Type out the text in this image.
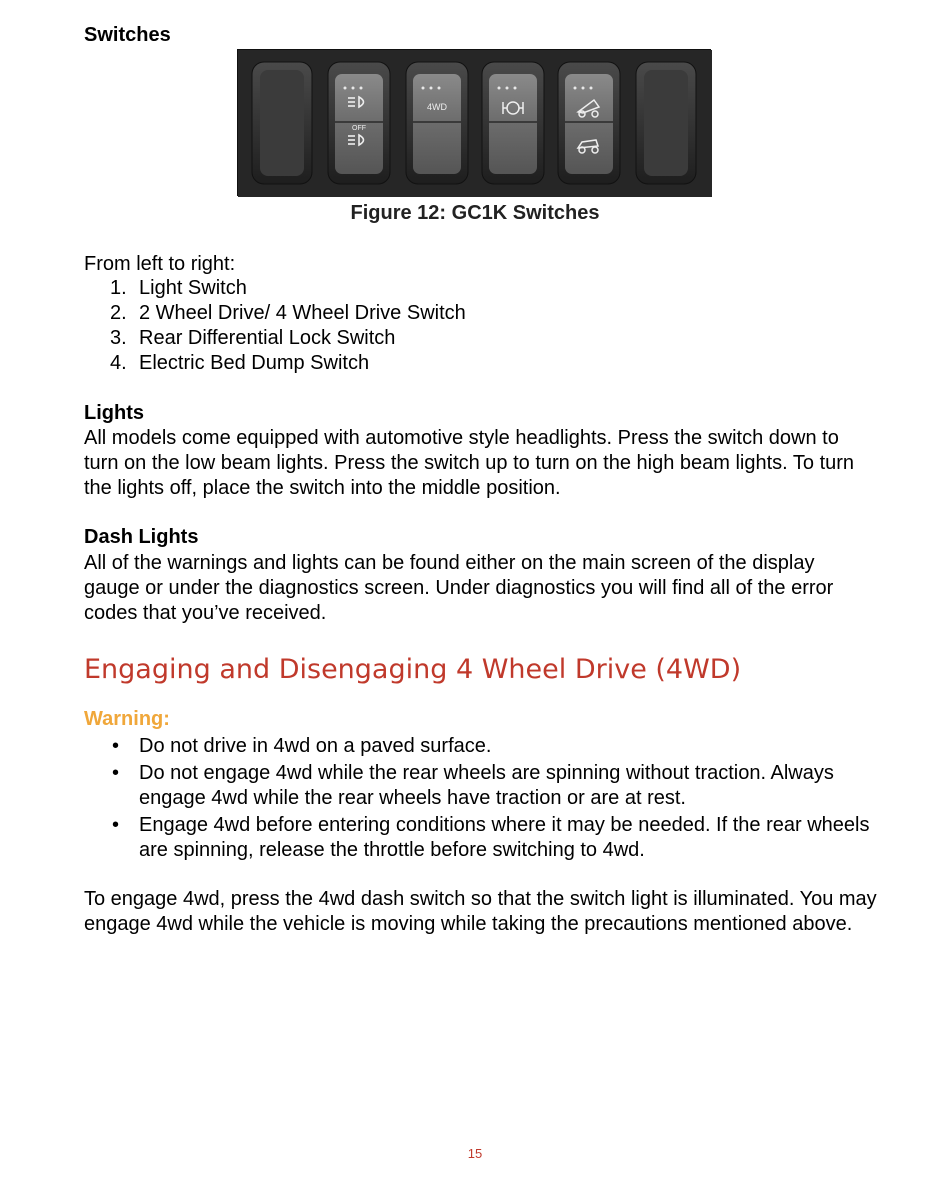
Switches
OFF
4WD
Figure 12: GC1K Switches
From left to right:
1. Light Switch
2. 2 Wheel Drive/ 4 Wheel Drive Switch
3. Rear Differential Lock Switch
4. Electric Bed Dump Switch
Lights
All models come equipped with automotive style headlights. Press the switch down to turn on the low beam lights. Press the switch up to turn on the high beam lights. To turn the lights off, place the switch into the middle position.
Dash Lights
All of the warnings and lights can be found either on the main screen of the display gauge or under the diagnostics screen. Under diagnostics you will find all of the error codes that you’ve received.
Engaging and Disengaging 4 Wheel Drive (4WD)
Warning:
• Do not drive in 4wd on a paved surface.
• Do not engage 4wd while the rear wheels are spinning without traction. Always engage 4wd while the rear wheels have traction or are at rest.
• Engage 4wd before entering conditions where it may be needed. If the rear wheels are spinning, release the throttle before switching to 4wd.
To engage 4wd, press the 4wd dash switch so that the switch light is illuminated. You may engage 4wd while the vehicle is moving while taking the precautions mentioned above.
15
